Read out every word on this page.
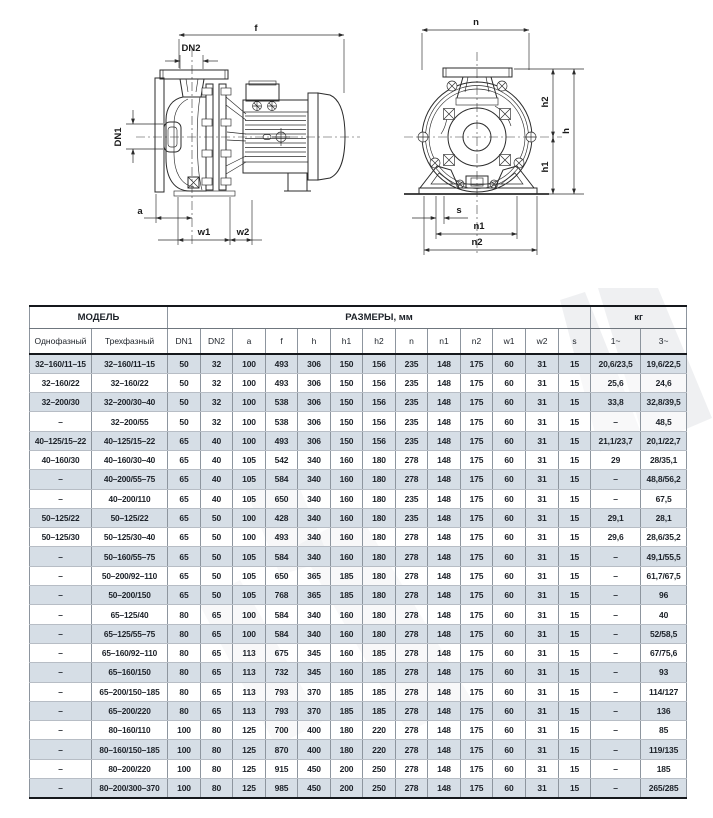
f
DN2
a
w1	w2
DN1
n
h2
h1
h
s
n1
n2
МОДЕЛЬ		РАЗМЕРЫ, мм													кг	
Однофазный	Трехфазный	DN1	DN2	a	f	h	h1	h2	n	n1	n2	w1	w2	s	1~	3~
32–160/11–15	32–160/11–15	50	32	100	493	306	150	156	235	148	175	60	31	15	20,6/23,5	19,6/22,5
32–160/22	32–160/22	50	32	100	493	306	150	156	235	148	175	60	31	15	25,6	24,6
32–200/30	32–200/30–40	50	32	100	538	306	150	156	235	148	175	60	31	15	33,8	32,8/39,5
–	32–200/55	50	32	100	538	306	150	156	235	148	175	60	31	15	–	48,5
40–125/15–22	40–125/15–22	65	40	100	493	306	150	156	235	148	175	60	31	15	21,1/23,7	20,1/22,7
40–160/30	40–160/30–40	65	40	105	542	340	160	180	278	148	175	60	31	15	29	28/35,1
–	40–200/55–75	65	40	105	584	340	160	180	278	148	175	60	31	15	–	48,8/56,2
–	40–200/110	65	40	105	650	340	160	180	235	148	175	60	31	15	–	67,5
50–125/22	50–125/22	65	50	100	428	340	160	180	235	148	175	60	31	15	29,1	28,1
50–125/30	50–125/30–40	65	50	100	493	340	160	180	278	148	175	60	31	15	29,6	28,6/35,2
–	50–160/55–75	65	50	105	584	340	160	180	278	148	175	60	31	15	–	49,1/55,5
–	50–200/92–110	65	50	105	650	365	185	180	278	148	175	60	31	15	–	61,7/67,5
–	50–200/150	65	50	105	768	365	185	180	278	148	175	60	31	15	–	96
–	65–125/40	80	65	100	584	340	160	180	278	148	175	60	31	15	–	40
–	65–125/55–75	80	65	100	584	340	160	180	278	148	175	60	31	15	–	52/58,5
–	65–160/92–110	80	65	113	675	345	160	185	278	148	175	60	31	15	–	67/75,6
–	65–160/150	80	65	113	732	345	160	185	278	148	175	60	31	15	–	93
–	65–200/150–185	80	65	113	793	370	185	185	278	148	175	60	31	15	–	114/127
–	65–200/220	80	65	113	793	370	185	185	278	148	175	60	31	15	–	136
–	80–160/110	100	80	125	700	400	180	220	278	148	175	60	31	15	–	85
–	80–160/150–185	100	80	125	870	400	180	220	278	148	175	60	31	15	–	119/135
–	80–200/220	100	80	125	915	450	200	250	278	148	175	60	31	15	–	185
–	80–200/300–370	100	80	125	985	450	200	250	278	148	175	60	31	15	–	265/285
